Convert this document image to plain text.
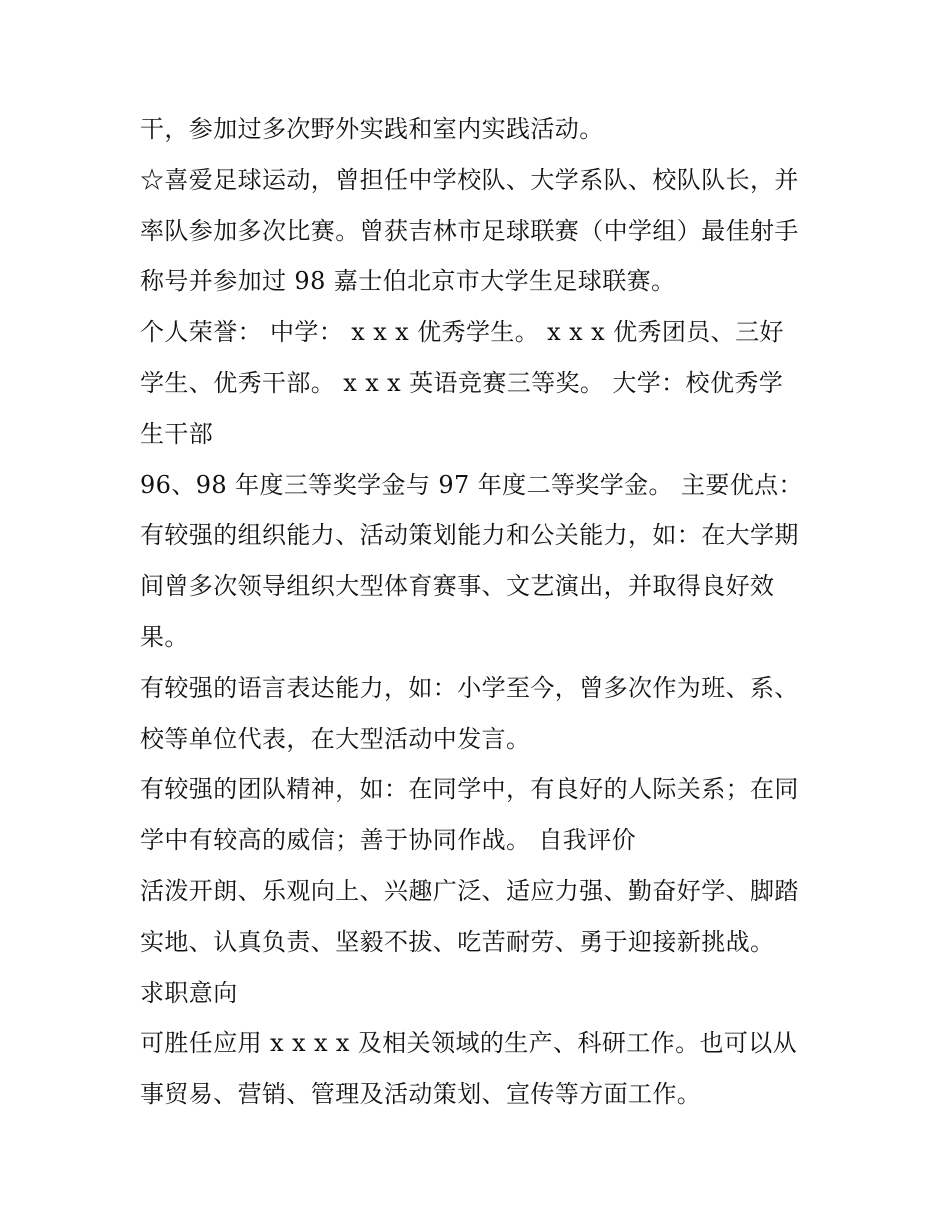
干，参加过多次野外实践和室内实践活动。
☆喜爱足球运动，曾担任中学校队、大学系队、校队队长，并
率队参加多次比赛。曾获吉林市足球联赛（中学组）最佳射手
称号并参加过 98 嘉士伯北京市大学生足球联赛。
个人荣誉： 中学： x x x 优秀学生。 x x x 优秀团员、三好
学生、优秀干部。 x x x 英语竞赛三等奖。 大学：校优秀学
生干部
96、98 年度三等奖学金与 97 年度二等奖学金。 主要优点：
有较强的组织能力、活动策划能力和公关能力，如：在大学期
间曾多次领导组织大型体育赛事、文艺演出，并取得良好效
果。
有较强的语言表达能力，如：小学至今，曾多次作为班、系、
校等单位代表，在大型活动中发言。
有较强的团队精神，如：在同学中，有良好的人际关系；在同
学中有较高的威信；善于协同作战。 自我评价
活泼开朗、乐观向上、兴趣广泛、适应力强、勤奋好学、脚踏
实地、认真负责、坚毅不拔、吃苦耐劳、勇于迎接新挑战。
求职意向
可胜任应用 x x x x 及相关领域的生产、科研工作。也可以从
事贸易、营销、管理及活动策划、宣传等方面工作。
